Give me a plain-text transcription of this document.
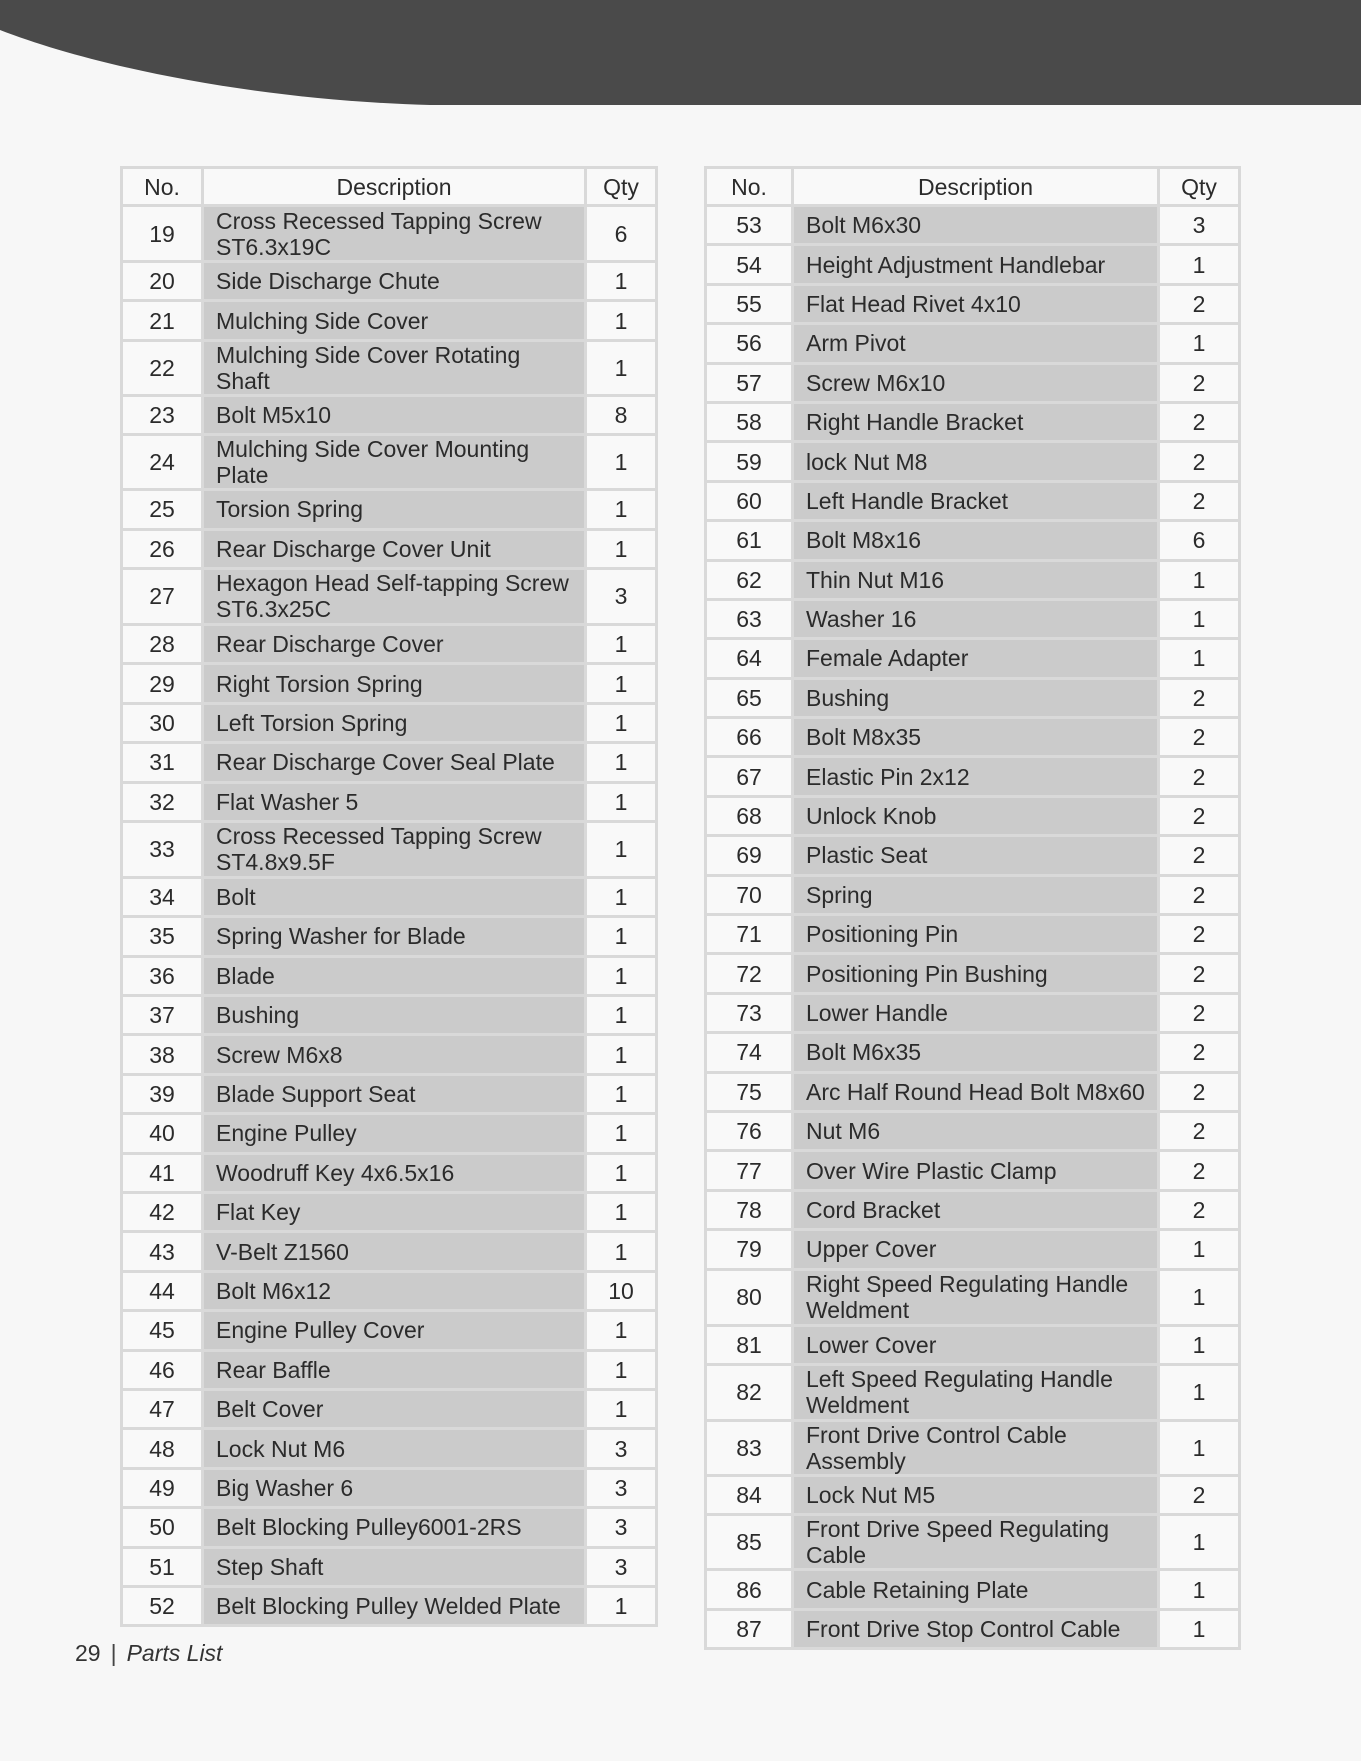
No.	Description	Qty
19	Cross Recessed Tapping Screw ST6.3x19C	6
20	Side Discharge Chute	1
21	Mulching Side Cover	1
22	Mulching Side Cover Rotating Shaft	1
23	Bolt M5x10	8
24	Mulching Side Cover Mounting Plate	1
25	Torsion Spring	1
26	Rear Discharge Cover Unit	1
27	Hexagon Head Self-tapping Screw ST6.3x25C	3
28	Rear Discharge Cover	1
29	Right Torsion Spring	1
30	Left Torsion Spring	1
31	Rear Discharge Cover Seal Plate	1
32	Flat Washer 5	1
33	Cross Recessed Tapping Screw ST4.8x9.5F	1
34	Bolt	1
35	Spring Washer for Blade	1
36	Blade	1
37	Bushing	1
38	Screw M6x8	1
39	Blade Support Seat	1
40	Engine Pulley	1
41	Woodruff Key 4x6.5x16	1
42	Flat Key	1
43	V-Belt Z1560	1
44	Bolt M6x12	10
45	Engine Pulley Cover	1
46	Rear Baffle	1
47	Belt Cover	1
48	Lock Nut M6	3
49	Big Washer 6	3
50	Belt Blocking Pulley6001-2RS	3
51	Step Shaft	3
52	Belt Blocking Pulley Welded Plate	1
No.	Description	Qty
53	Bolt M6x30	3
54	Height Adjustment Handlebar	1
55	Flat Head Rivet 4x10	2
56	Arm Pivot	1
57	Screw M6x10	2
58	Right Handle Bracket	2
59	lock Nut M8	2
60	Left Handle Bracket	2
61	Bolt M8x16	6
62	Thin Nut M16	1
63	Washer 16	1
64	Female Adapter	1
65	Bushing	2
66	Bolt M8x35	2
67	Elastic Pin 2x12	2
68	Unlock Knob	2
69	Plastic Seat	2
70	Spring	2
71	Positioning Pin	2
72	Positioning Pin Bushing	2
73	Lower Handle	2
74	Bolt M6x35	2
75	Arc Half Round Head Bolt M8x60	2
76	Nut M6	2
77	Over Wire Plastic Clamp	2
78	Cord Bracket	2
79	Upper Cover	1
80	Right Speed Regulating Handle Weldment	1
81	Lower Cover	1
82	Left Speed Regulating Handle Weldment	1
83	Front Drive Control Cable Assembly	1
84	Lock Nut M5	2
85	Front Drive Speed Regulating Cable	1
86	Cable Retaining Plate	1
87	Front Drive Stop Control Cable	1
29 | Parts List
